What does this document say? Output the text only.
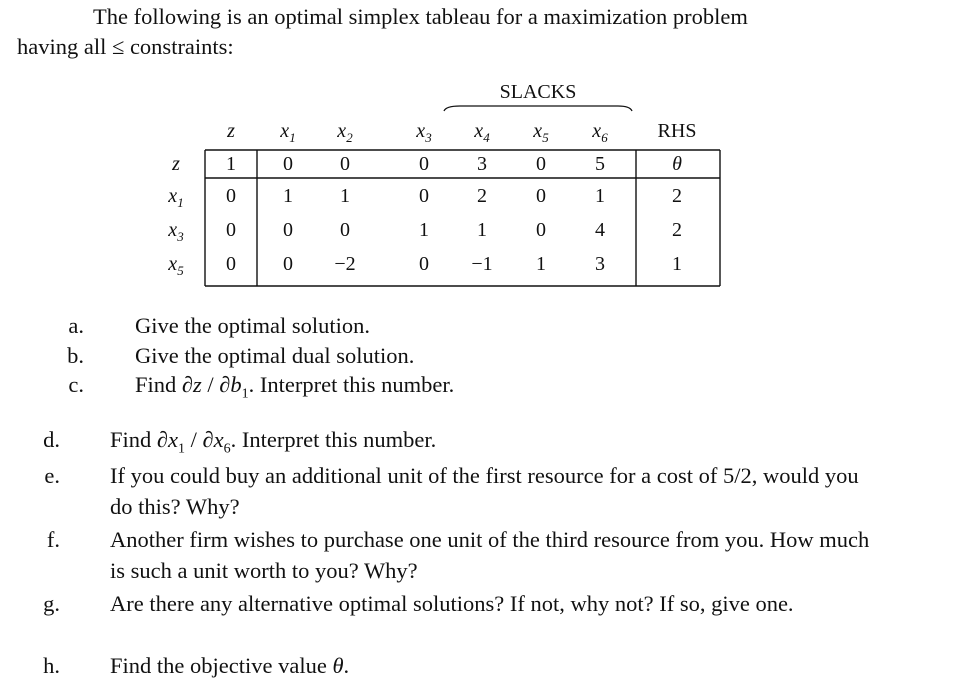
The following is an optimal simplex tableau for a maximization problem
having all ≤ constraints:
SLACKS
z $x_1$ $x_2$	$x_3$ $x_4$ $x_5$ $x_6$ RHS
z 1 0 0	0 3 0 5	θ
$x_1$ 0 1 1	0 2 0 1	2
$x_3$ 0 0 0	1 1 0 4	2
$x_5$ 0 0 −2	0 −1 1 3	1
a. Give the optimal solution.
b. Give the optimal dual solution.
c. Find $\partial z / \partial b_1$. Interpret this number.
d. Find $\partial x_1 / \partial x_6$. Interpret this number.
e. If you could buy an additional unit of the first resource for a cost of 5/2, would you do this? Why?
f. Another firm wishes to purchase one unit of the third resource from you. How much is such a unit worth to you? Why?
g. Are there any alternative optimal solutions? If not, why not? If so, give one.
h. Find the objective value θ.
